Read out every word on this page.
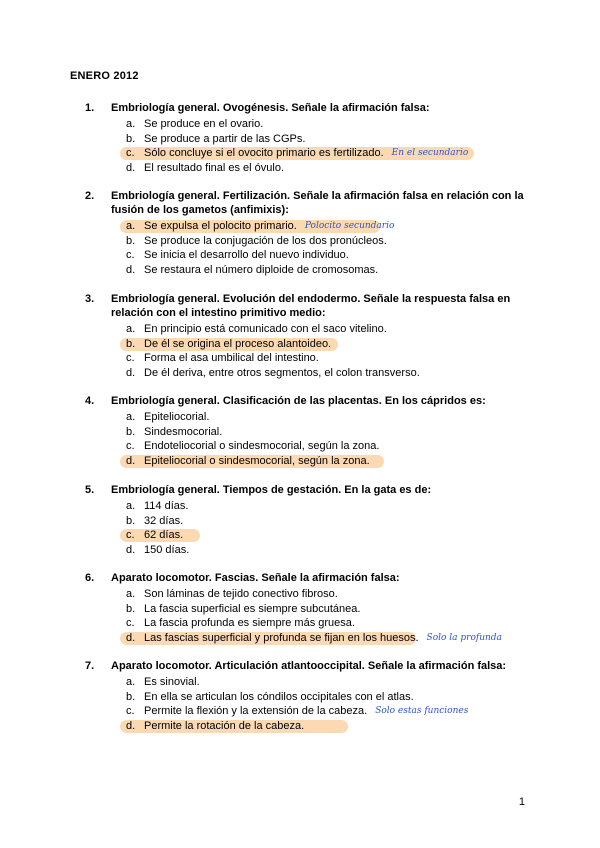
ENERO 2012
1.	Embriología general. Ovogénesis. Señale la afirmación falsa:
a. Se produce en el ovario.
b. Se produce a partir de las CGPs.
c. Sólo concluye si el ovocito primario es fertilizado. En el secundario
d. El resultado final es el óvulo.
2.	Embriología general. Fertilización. Señale la afirmación falsa en relación con la fusión de los gametos (anfimixis):
a. Se expulsa el polocito primario. Polocito secundario
b. Se produce la conjugación de los dos pronúcleos.
c. Se inicia el desarrollo del nuevo individuo.
d. Se restaura el número diploide de cromosomas.
3.	Embriología general. Evolución del endodermo. Señale la respuesta falsa en relación con el intestino primitivo medio:
a. En principio está comunicado con el saco vitelino.
b. De él se origina el proceso alantoideo.
c. Forma el asa umbilical del intestino.
d. De él deriva, entre otros segmentos, el colon transverso.
4.	Embriología general. Clasificación de las placentas. En los cápridos es:
a. Epiteliocorial.
b. Sindesmocorial.
c. Endoteliocorial o sindesmocorial, según la zona.
d. Epiteliocorial o sindesmocorial, según la zona.
5.	Embriología general. Tiempos de gestación. En la gata es de:
a. 114 días.
b. 32 días.
c. 62 días.
d. 150 días.
6.	Aparato locomotor. Fascias. Señale la afirmación falsa:
a. Son láminas de tejido conectivo fibroso.
b. La fascia superficial es siempre subcutánea.
c. La fascia profunda es siempre más gruesa.
d. Las fascias superficial y profunda se fijan en los huesos. Solo la profunda
7.	Aparato locomotor. Articulación atlantooccipital. Señale la afirmación falsa:
a. Es sinovial.
b. En ella se articulan los cóndilos occipitales con el atlas.
c. Permite la flexión y la extensión de la cabeza. Solo estas funciones
d. Permite la rotación de la cabeza.
1
